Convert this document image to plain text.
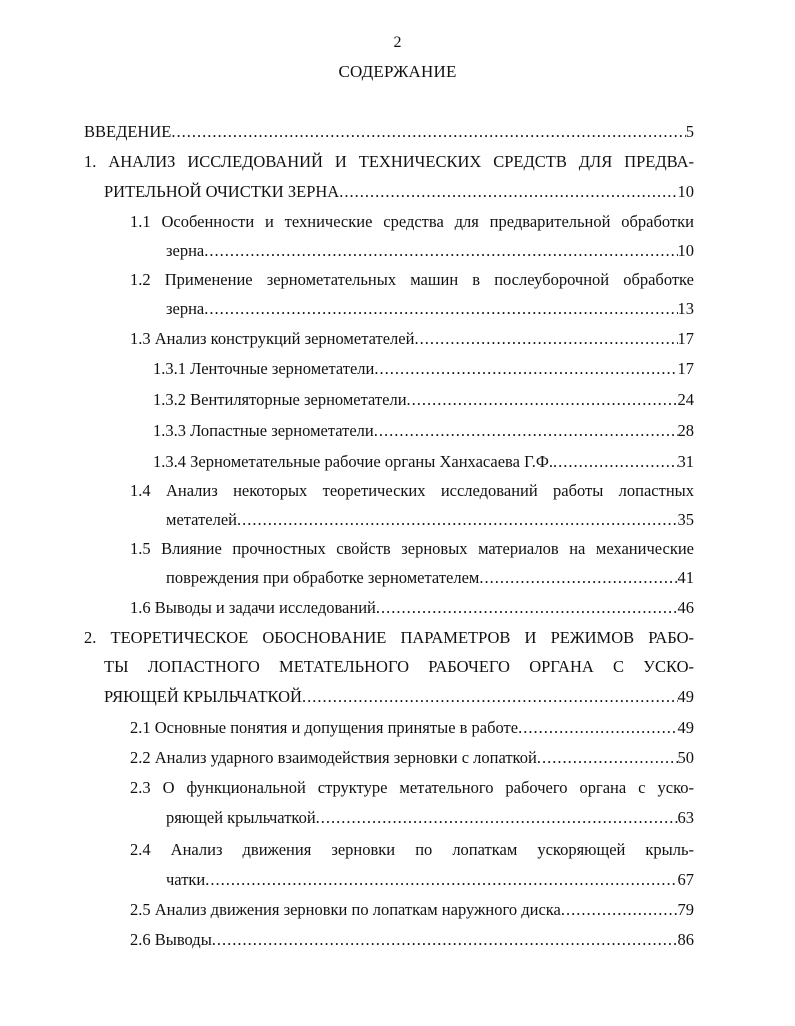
2
СОДЕРЖАНИЕ
ВВЕДЕНИЕ .....	5
1. АНАЛИЗ ИССЛЕДОВАНИЙ И ТЕХНИЧЕСКИХ СРЕДСТВ ДЛЯ ПРЕДВА-
РИТЕЛЬНОЙ ОЧИСТКИ ЗЕРНА .....	10
1.1 Особенности и технические средства для предварительной обработки
зерна .....	10
1.2 Применение зернометательных машин в послеуборочной обработке
зерна .....	13
1.3 Анализ конструкций зернометателей .....	17
1.3.1 Ленточные зернометатели .....	17
1.3.2 Вентиляторные зернометатели .....	24
1.3.3 Лопастные зернометатели .....	28
1.3.4 Зернометательные рабочие органы Ханхасаева Г.Ф. .....	31
1.4 Анализ некоторых теоретических исследований работы лопастных
метателей .....	35
1.5 Влияние прочностных свойств зерновых материалов на механические
повреждения при обработке зернометателем .....	41
1.6 Выводы и задачи исследований .....	46
2. ТЕОРЕТИЧЕСКОЕ ОБОСНОВАНИЕ ПАРАМЕТРОВ И РЕЖИМОВ РАБО-
ТЫ ЛОПАСТНОГО МЕТАТЕЛЬНОГО РАБОЧЕГО ОРГАНА С УСКО-
РЯЮЩЕЙ КРЫЛЬЧАТКОЙ .....	49
2.1 Основные понятия и допущения принятые в работе .....	49
2.2 Анализ ударного взаимодействия зерновки с лопаткой .....	50
2.3 О функциональной структуре метательного рабочего органа с уско-
ряющей крыльчаткой .....	63
2.4 Анализ движения зерновки по лопаткам ускоряющей крыль-
чатки .....	67
2.5 Анализ движения зерновки по лопаткам наружного диска .....	79
2.6 Выводы .....	86
